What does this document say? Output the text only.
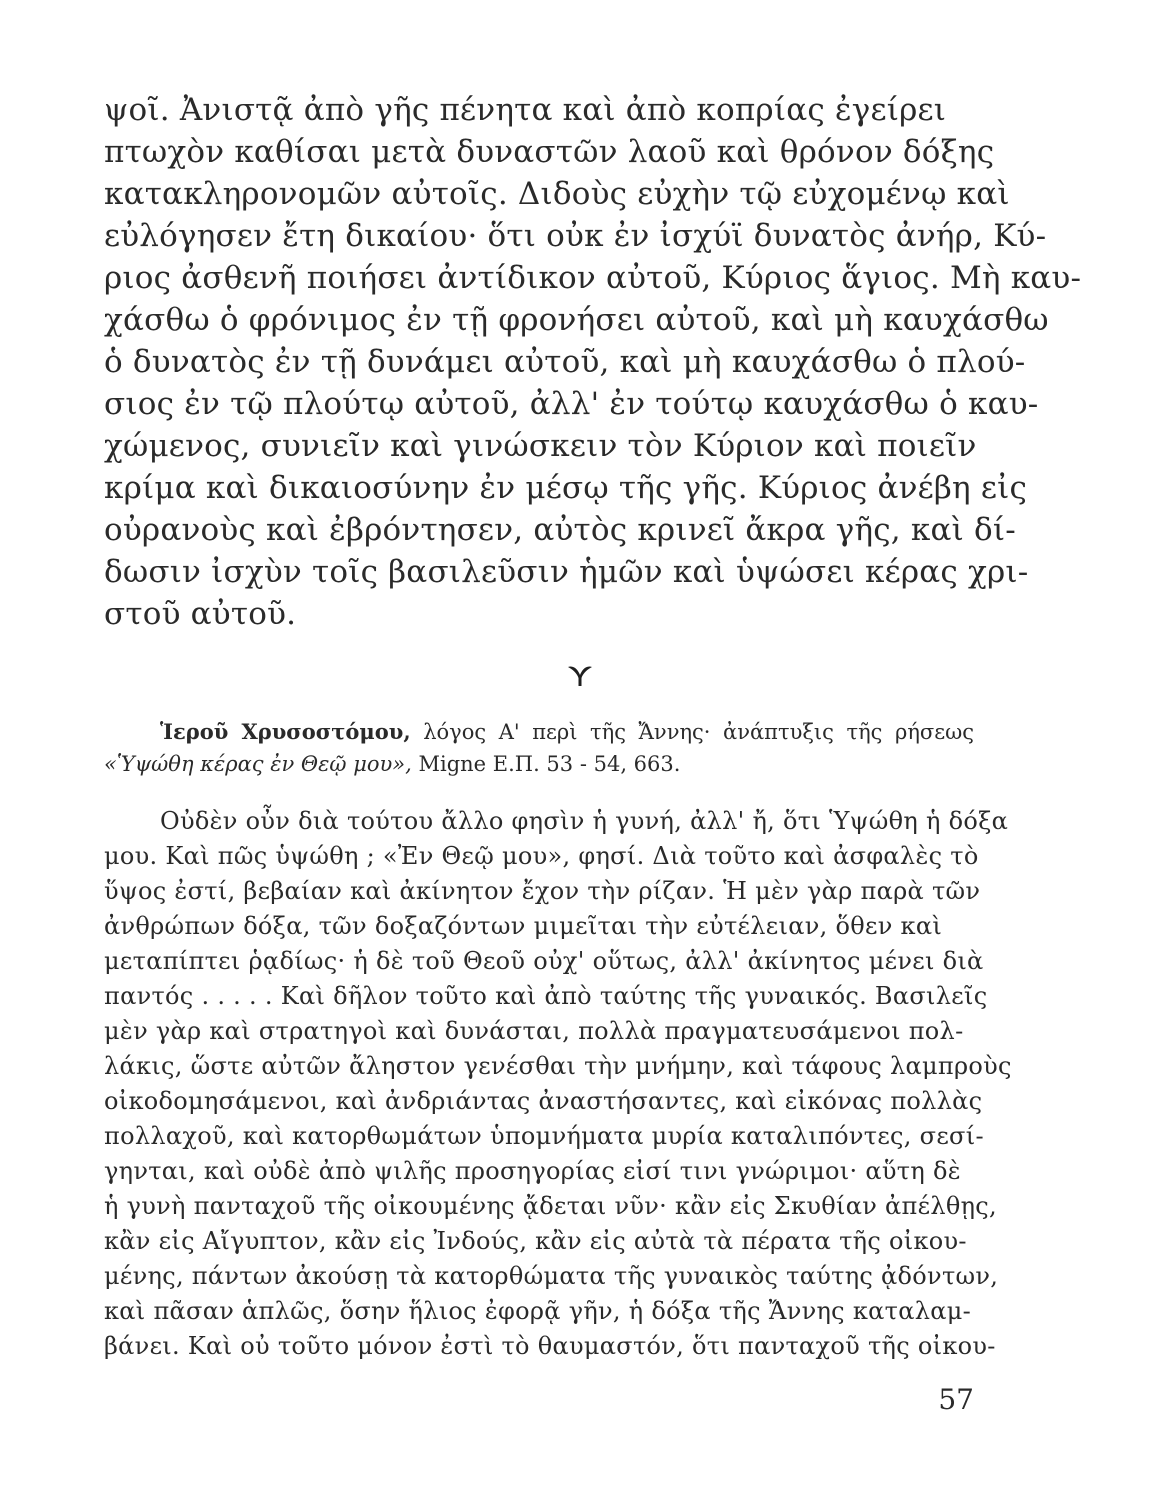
ψοῖ. Ἀνιστᾷ ἀπὸ γῆς πένητα καὶ ἀπὸ κοπρίας ἐγείρει
πτωχὸν καθίσαι μετὰ δυναστῶν λαοῦ καὶ θρόνον δόξης
κατακληρονομῶν αὐτοῖς. Διδοὺς εὐχὴν τῷ εὐχομένῳ καὶ
εὐλόγησεν ἔτη δικαίου· ὅτι οὐκ ἐν ἰσχύϊ δυνατὸς ἀνήρ, Κύ-
ριος ἀσθενῆ ποιήσει ἀντίδικον αὐτοῦ, Κύριος ἅγιος. Μὴ καυ-
χάσθω ὁ φρόνιμος ἐν τῇ φρονήσει αὐτοῦ, καὶ μὴ καυχάσθω
ὁ δυνατὸς ἐν τῇ δυνάμει αὐτοῦ, καὶ μὴ καυχάσθω ὁ πλού-
σιος ἐν τῷ πλούτῳ αὐτοῦ, ἀλλ' ἐν τούτῳ καυχάσθω ὁ καυ-
χώμενος, συνιεῖν καὶ γινώσκειν τὸν Κύριον καὶ ποιεῖν
κρίμα καὶ δικαιοσύνην ἐν μέσῳ τῆς γῆς. Κύριος ἀνέβη εἰς
οὐρανοὺς καὶ ἐβρόντησεν, αὐτὸς κρινεῖ ἄκρα γῆς, καὶ δί-
δωσιν ἰσχὺν τοῖς βασιλεῦσιν ἡμῶν καὶ ὑψώσει κέρας χρι-
στοῦ αὐτοῦ.
Ἱεροῦ Χρυσοστόμου, λόγος Α' περὶ τῆς Ἄννης· ἀνάπτυξις τῆς ρήσεως
«Ὑψώθη κέρας ἐν Θεῷ μου», Migne Ε.Π. 53 - 54, 663.
Οὐδὲν οὖν διὰ τούτου ἄλλο φησὶν ἡ γυνή, ἀλλ' ἤ, ὅτι Ὑψώθη ἡ δόξα
μου. Καὶ πῶς ὑψώθη ; «Ἐν Θεῷ μου», φησί. Διὰ τοῦτο καὶ ἀσφαλὲς τὸ
ὕψος ἐστί, βεβαίαν καὶ ἀκίνητον ἔχον τὴν ρίζαν. Ἡ μὲν γὰρ παρὰ τῶν
ἀνθρώπων δόξα, τῶν δοξαζόντων μιμεῖται τὴν εὐτέλειαν, ὅθεν καὶ
μεταπίπτει ῥᾳδίως· ἡ δὲ τοῦ Θεοῦ οὐχ' οὕτως, ἀλλ' ἀκίνητος μένει διὰ
παντός . . . . . Καὶ δῆλον τοῦτο καὶ ἀπὸ ταύτης τῆς γυναικός. Βασιλεῖς
μὲν γὰρ καὶ στρατηγοὶ καὶ δυνάσται, πολλὰ πραγματευσάμενοι πολ-
λάκις, ὥστε αὐτῶν ἄληστον γενέσθαι τὴν μνήμην, καὶ τάφους λαμπροὺς
οἰκοδομησάμενοι, καὶ ἀνδριάντας ἀναστήσαντες, καὶ εἰκόνας πολλὰς
πολλαχοῦ, καὶ κατορθωμάτων ὑπομνήματα μυρία καταλιπόντες, σεσί-
γηνται, καὶ οὐδὲ ἀπὸ ψιλῆς προσηγορίας εἰσί τινι γνώριμοι· αὕτη δὲ
ἡ γυνὴ πανταχοῦ τῆς οἰκουμένης ᾄδεται νῦν· κἂν εἰς Σκυθίαν ἀπέλθῃς,
κἂν εἰς Αἴγυπτον, κἂν εἰς Ἰνδούς, κἂν εἰς αὐτὰ τὰ πέρατα τῆς οἰκου-
μένης, πάντων ἀκούσῃ τὰ κατορθώματα τῆς γυναικὸς ταύτης ᾀδόντων,
καὶ πᾶσαν ἁπλῶς, ὅσην ἥλιος ἐφορᾷ γῆν, ἡ δόξα τῆς Ἄννης καταλαμ-
βάνει. Καὶ οὐ τοῦτο μόνον ἐστὶ τὸ θαυμαστόν, ὅτι πανταχοῦ τῆς οἰκου-
57
